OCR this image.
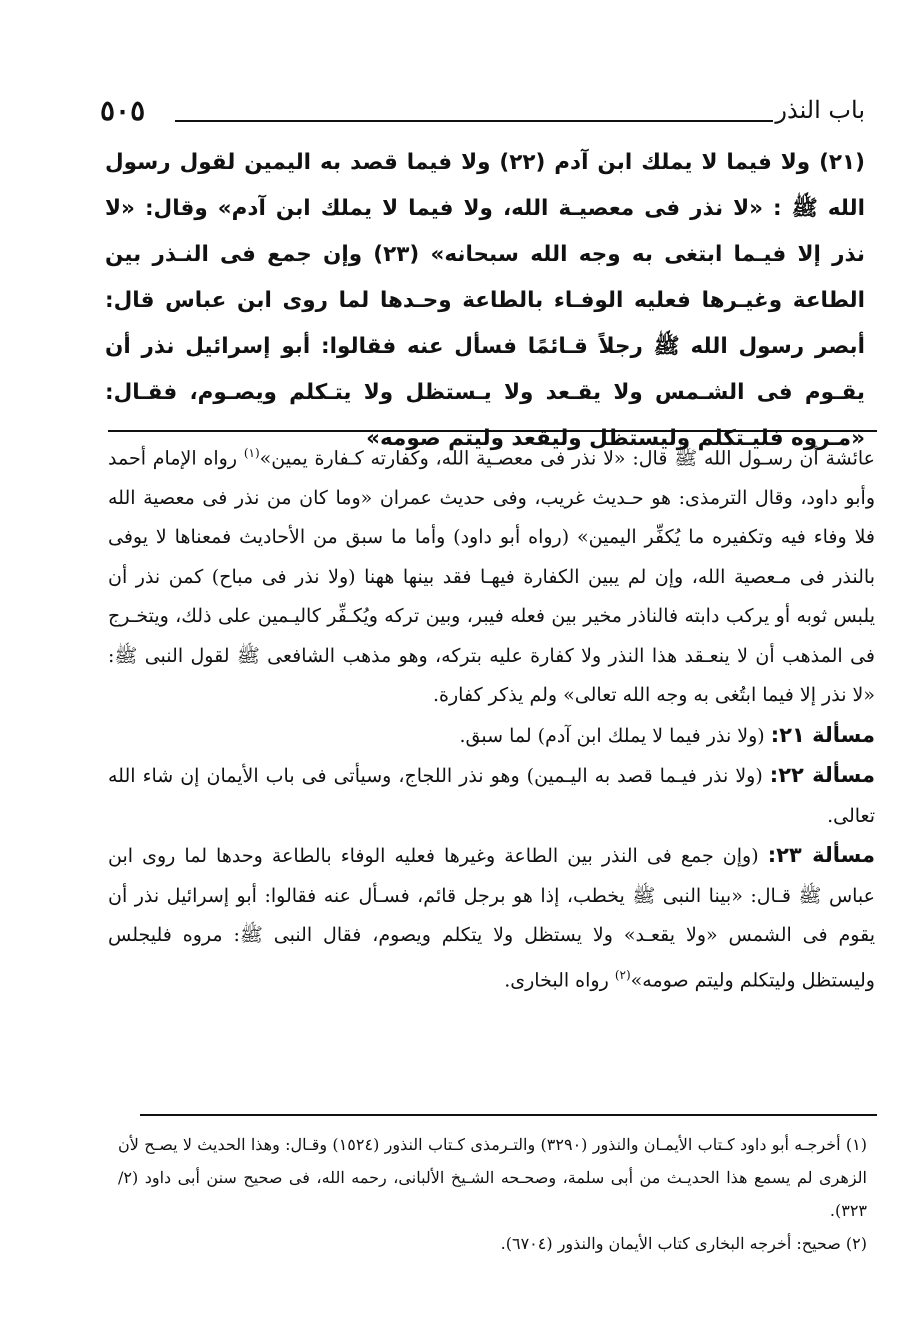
باب النذر
٥٠٥

(٢١) ولا فيما لا يملك ابن آدم (٢٢) ولا فيما قصد به اليمين لقول رسول الله ﷺ : «لا نذر فى معصيـة الله، ولا فيما لا يملك ابن آدم» وقال: «لا نذر إلا فيـما ابتغى به وجه الله سبحانه» (٢٣) وإن جمع فى النـذر بين الطاعة وغيـرها فعليه الوفـاء بالطاعة وحـدها لما روى ابن عباس قال: أبصر رسول الله ﷺ رجلاً قـائمًا فسأل عنه فقالوا: أبو إسرائيل نذر أن يقـوم فى الشـمس ولا يقـعد ولا يـستظل ولا يتـكلم ويصـوم، فقـال: «مـروه فليـتكلم وليستظل وليقعد وليتم صومه»

عائشة أن رسـول الله ﷺ قال: «لا نذر فى معصـية الله، وكفارته كـفارة يمين»$^{(١)}$ رواه الإمام أحمد وأبو داود، وقال الترمذى: هو حـديث غريب، وفى حديث عمران «وما كان من نذر فى معصية الله فلا وفاء فيه وتكفيره ما يُكفِّر اليمين» (رواه أبو داود) وأما ما سبق من الأحاديث فمعناها لا يوفى بالنذر فى مـعصية الله، وإن لم يبين الكفارة فيهـا فقد بينها ههنا (ولا نذر فى مباح) كمن نذر أن يلبس ثوبه أو يركب دابته فالناذر مخير بين فعله فيبر، وبين تركه ويُكـفِّر كاليـمين على ذلك، ويتخـرج فى المذهب أن لا ينعـقد هذا النذر ولا كفارة عليه بتركه، وهو مذهب الشافعى ﷺ لقول النبى ﷺ: «لا نذر إلا فيما ابتُغى به وجه الله تعالى» ولم يذكر كفارة.

مسألة ٢١: (ولا نذر فيما لا يملك ابن آدم) لما سبق.

مسألة ٢٢: (ولا نذر فيـما قصد به اليـمين) وهو نذر اللجاج، وسيأتى فى باب الأيمان إن شاء الله تعالى.

مسألة ٢٣: (وإن جمع فى النذر بين الطاعة وغيرها فعليه الوفاء بالطاعة وحدها لما روى ابن عباس ﷺ قـال: «بينا النبى ﷺ يخطب، إذا هو برجل قائم، فسـأل عنه فقالوا: أبو إسرائيل نذر أن يقوم فى الشمس «ولا يقعـد» ولا يستظل ولا يتكلم ويصوم، فقال النبى ﷺ: مروه فليجلس وليستظل وليتكلم وليتم صومه»$^{(٢)}$ رواه البخارى.

(١) أخرجـه أبو داود كـتاب الأيمـان والنذور (٣٢٩٠) والتـرمذى كـتاب النذور (١٥٢٤) وقـال: وهذا الحديث لا يصـح لأن الزهرى لم يسمع هذا الحديـث من أبى سلمة، وصحـحه الشـيخ الألبانى، رحمه الله، فى صحيح سنن أبى داود (٢/ ٣٢٣).

(٢) صحيح: أخرجه البخارى كتاب الأيمان والنذور (٦٧٠٤).
